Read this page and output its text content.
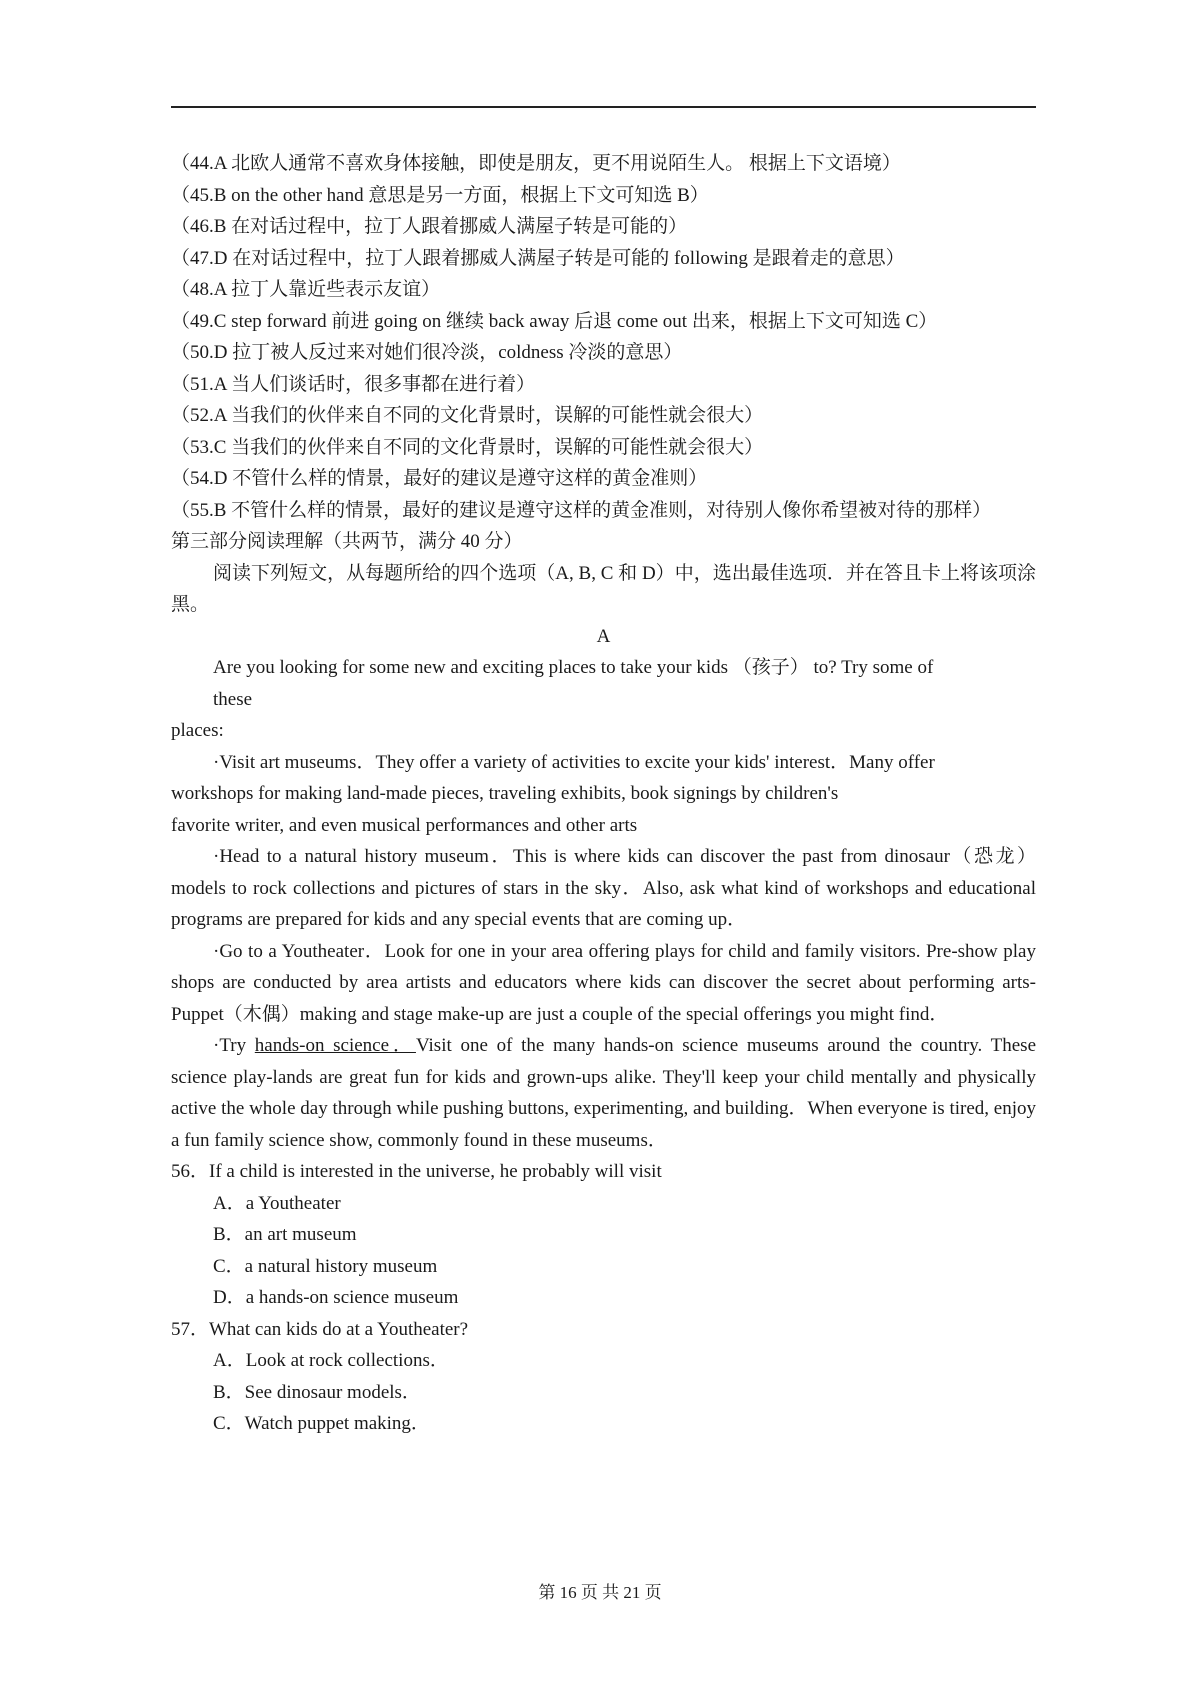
（44.A 北欧人通常不喜欢身体接触，即使是朋友，更不用说陌生人。 根据上下文语境）
（45.B on the other hand 意思是另一方面，根据上下文可知选 B）
（46.B 在对话过程中，拉丁人跟着挪威人满屋子转是可能的）
（47.D 在对话过程中，拉丁人跟着挪威人满屋子转是可能的 following 是跟着走的意思）
（48.A 拉丁人靠近些表示友谊）
（49.C step forward 前进 going on 继续 back away 后退 come out 出来，根据上下文可知选 C）
（50.D 拉丁被人反过来对她们很冷淡，coldness 冷淡的意思）
（51.A 当人们谈话时，很多事都在进行着）
（52.A 当我们的伙伴来自不同的文化背景时，误解的可能性就会很大）
（53.C 当我们的伙伴来自不同的文化背景时，误解的可能性就会很大）
（54.D 不管什么样的情景，最好的建议是遵守这样的黄金准则）

（55.B 不管什么样的情景，最好的建议是遵守这样的黄金准则，对待别人像你希望被对待的那样）

第三部分阅读理解（共两节，满分 40 分）

阅读下列短文，从每题所给的四个选项（A, B, C 和 D）中，选出最佳选项．并在答且卡上将该项涂黑。

A
Are you looking for some new and exciting places to take your kids （孩子） to? Try some of
these
places:
·Visit art museums．They offer a variety of activities to excite your kids' interest．Many offer
workshops for making land-made pieces, traveling exhibits, book signings by children's
favorite writer, and even musical performances and other arts

·Head to a natural history museum．This is where kids can discover the past from dinosaur（恐龙） models to rock collections and pictures of stars in the sky．Also, ask what kind of workshops and educational programs are prepared for kids and any special events that are coming up．

·Go to a Youtheater．Look for one in your area offering plays for child and family visitors. Pre-show play shops are conducted by area artists and educators where kids can discover the secret about performing arts- Puppet（木偶）making and stage make-up are just a couple of the special offerings you might find．

·Try hands-on science．Visit one of the many hands-on science museums around the country. These science play-lands are great fun for kids and grown-ups alike. They'll keep your child mentally and physically active the whole day through while pushing buttons, experimenting, and building．When everyone is tired, enjoy a fun family science show, commonly found in these museums．

56．If a child is interested in the universe, he probably will visit
A．a Youtheater
B．an art museum
C．a natural history museum
D．a hands-on science museum
57．What can kids do at a Youtheater?
A．Look at rock collections．
B．See dinosaur models．
C．Watch puppet making．
第 16 页 共 21 页
